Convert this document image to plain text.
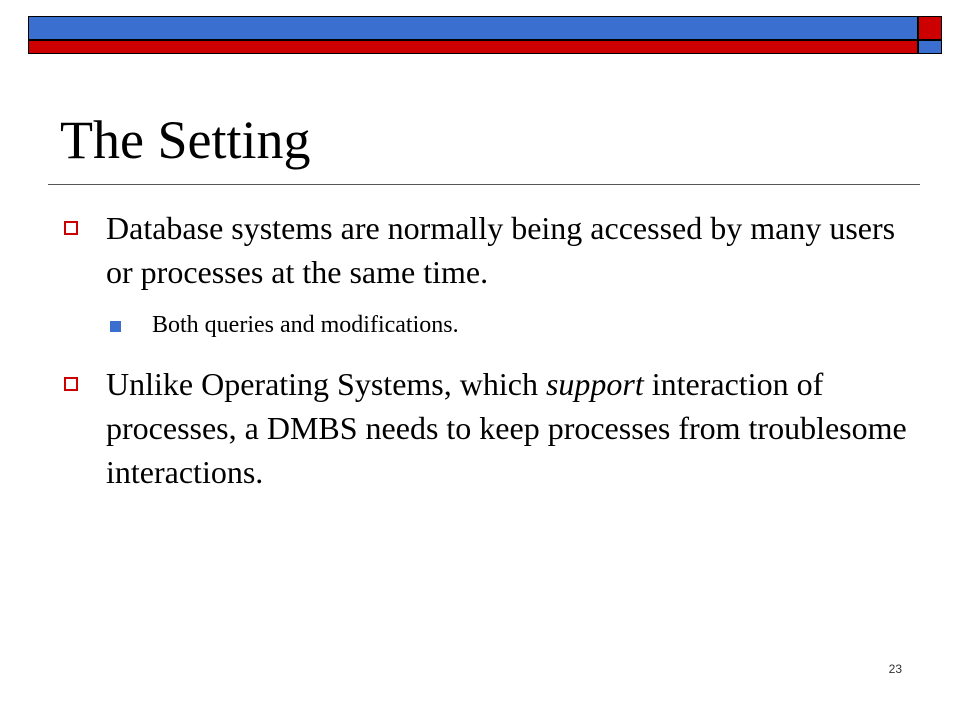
The Setting
Database systems are normally being accessed by many users or processes at the same time.
Both queries and modifications.
Unlike Operating Systems, which support interaction of processes, a DMBS needs to keep processes from troublesome interactions.
23
